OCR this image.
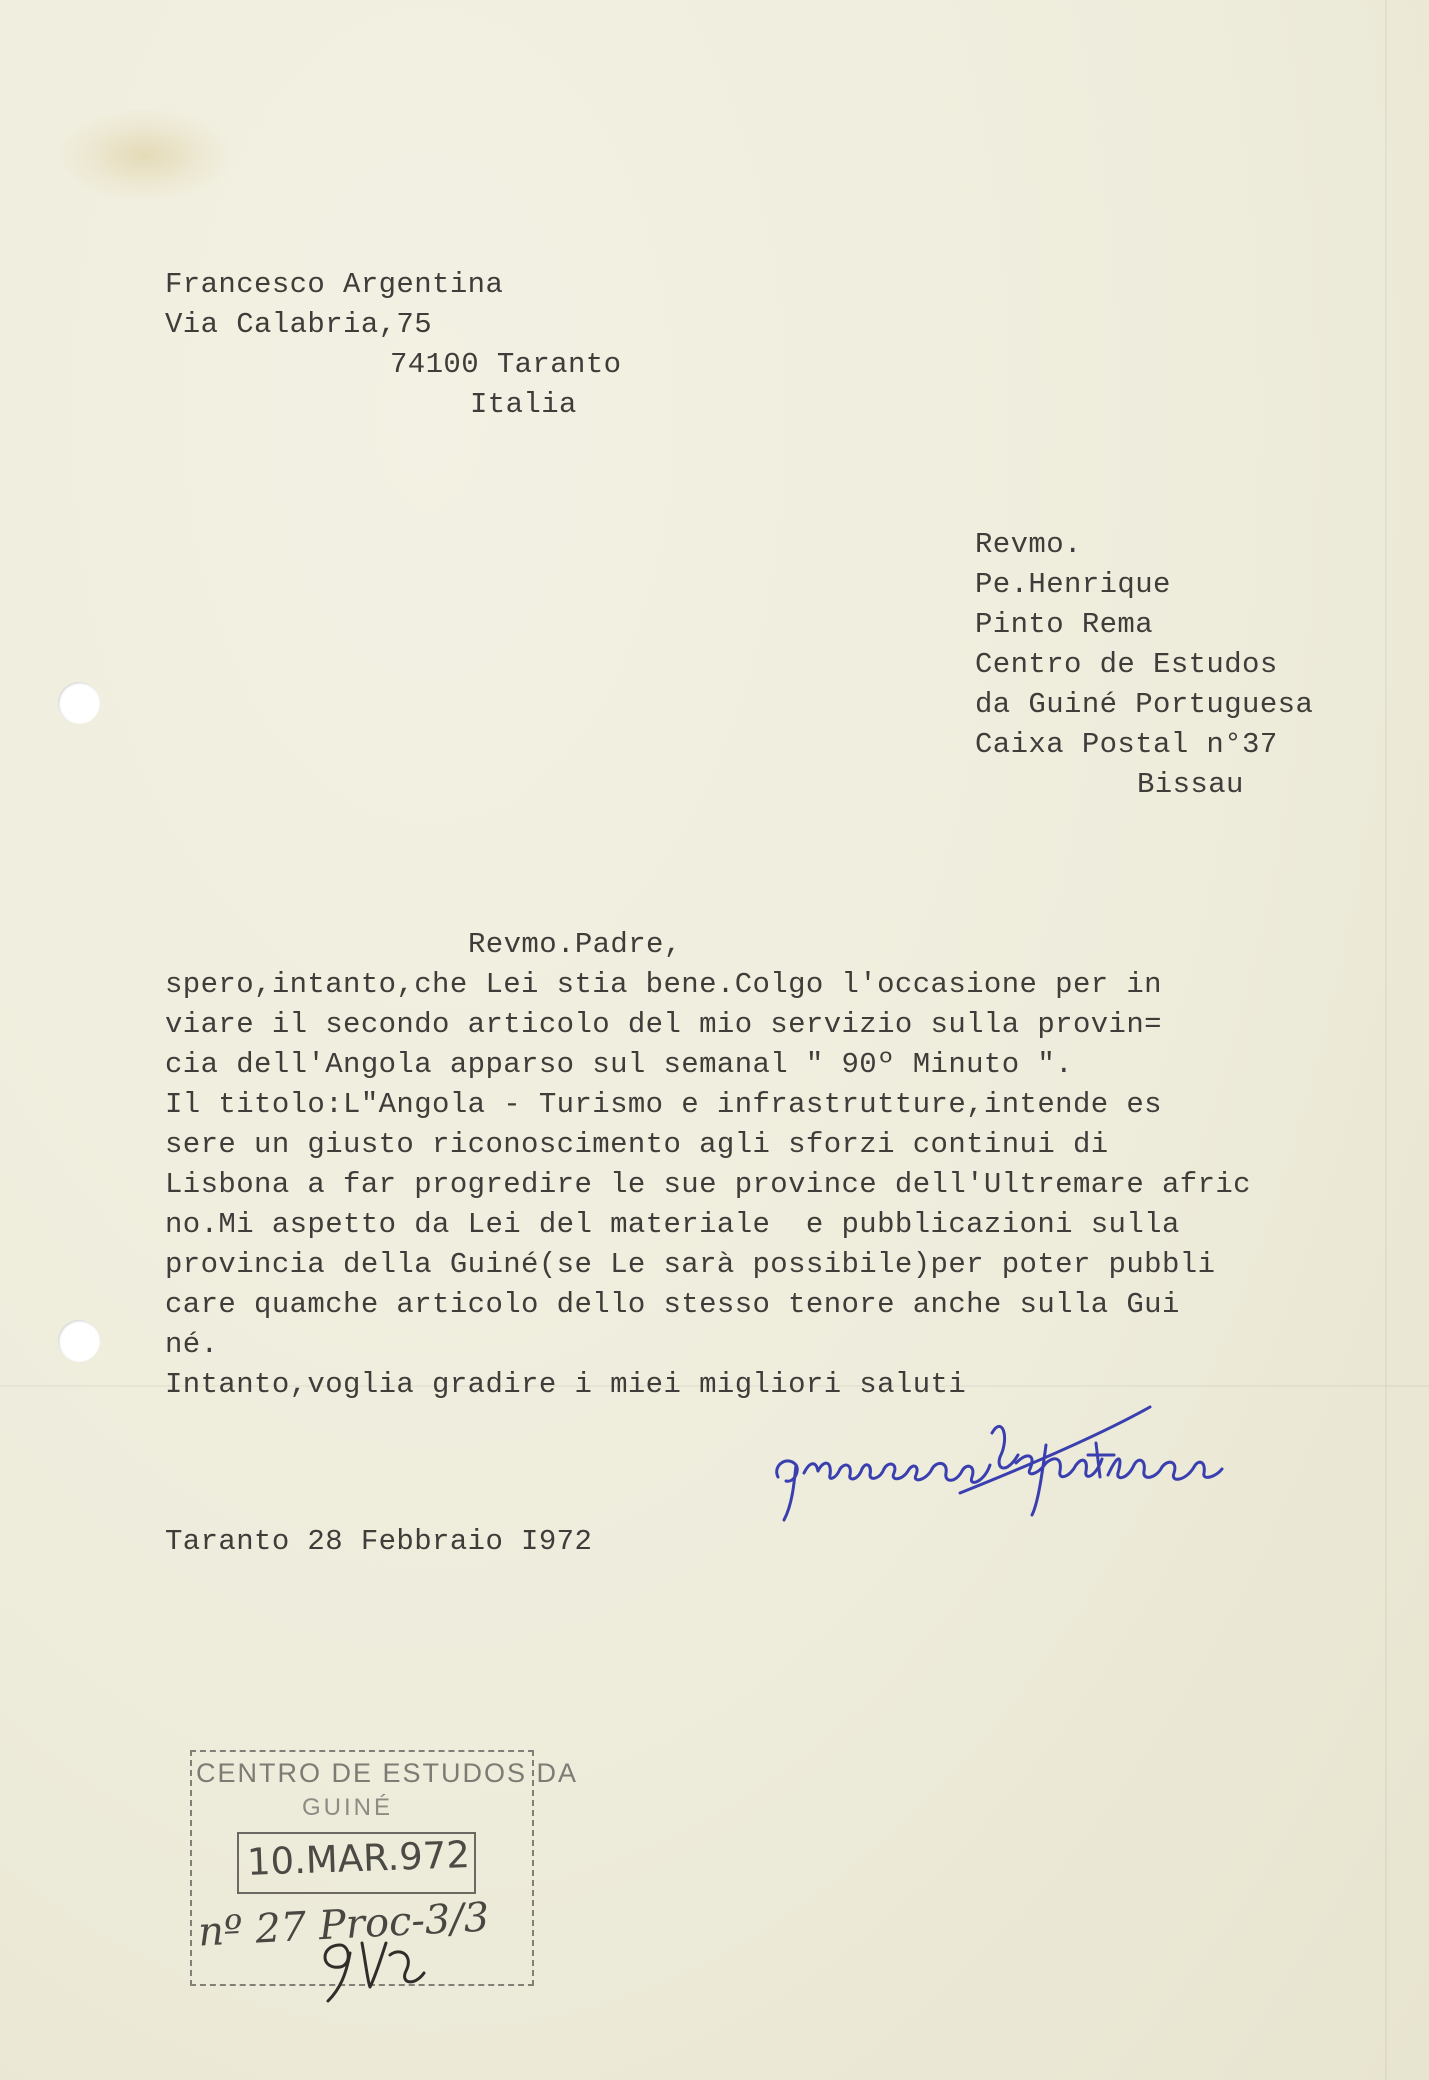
Francesco Argentina
Via Calabria,75
74100 Taranto
Italia
Revmo.
Pe.Henrique
Pinto Rema
Centro de Estudos
da Guiné Portuguesa
Caixa Postal n°37
Bissau
Revmo.Padre,
spero,intanto,che Lei stia bene.Colgo l'occasione per in
viare il secondo articolo del mio servizio sulla provin=
cia dell'Angola apparso sul semanal " 90º Minuto ".
Il titolo:L"Angola - Turismo e infrastrutture,intende es
sere un giusto riconoscimento agli sforzi continui di
Lisbona a far progredire le sue province dell'Ultremare afric
no.Mi aspetto da Lei del materiale  e pubblicazioni sulla
provincia della Guiné(se Le sarà possibile)per poter pubbli
care quamche articolo dello stesso tenore anche sulla Gui
né.
Intanto,voglia gradire i miei migliori saluti
Taranto 28 Febbraio I972
CENTRO DE ESTUDOS DA
GUINÉ
10.MAR.972
nº 27 Proc-3/3
